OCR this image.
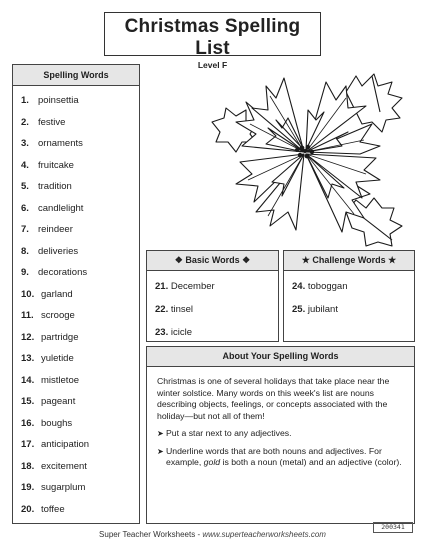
Christmas Spelling List
Level F
Spelling Words
1. poinsettia
2. festive
3. ornaments
4. fruitcake
5. tradition
6. candlelight
7. reindeer
8. deliveries
9. decorations
10. garland
11. scrooge
12. partridge
13. yuletide
14. mistletoe
15. pageant
16. boughs
17. anticipation
18. excitement
19. sugarplum
20. toffee
❖ Basic Words ❖
21. December
22. tinsel
23. icicle
★ Challenge Words ★
24. toboggan
25. jubilant
About Your Spelling Words

Christmas is one of several holidays that take place near the winter solstice. Many words on this week's list are nouns describing objects, feelings, or concepts associated with the holiday—but not all of them!

➤ Put a star next to any adjectives.
➤ Underline words that are both nouns and adjectives. For example, gold is both a noun (metal) and an adjective (color).
200341
Super Teacher Worksheets - www.superteacherworksheets.com
